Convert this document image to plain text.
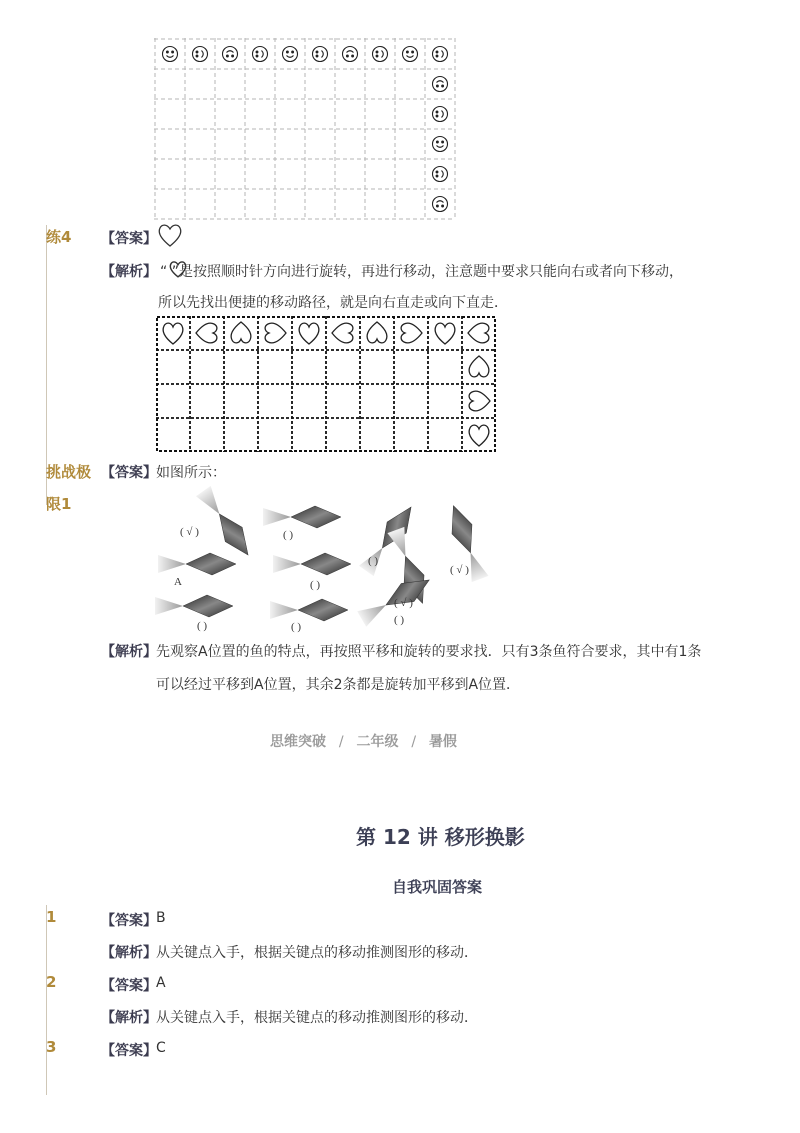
练4 【答案】
【解析】 “ ”是按照顺时针方向进行旋转，再进行移动，注意题中要求只能向右或者向下移动，
所以先找出便捷的移动路径，就是向右直走或向下直走．
挑战极
限1
【答案】 如图所示：
( √ )	( )
( )
( √ )
A	( )
( √ )
( )	( )
( )
【解析】 先观察A位置的鱼的特点，再按照平移和旋转的要求找．只有3条鱼符合要求，其中有1条
可以经过平移到A位置，其余2条都是旋转加平移到A位置．
思维突破 / 二年级 / 暑假
第 12 讲 移形换影
自我巩固答案
1	【答案】 B
【解析】 从关键点入手，根据关键点的移动推测图形的移动．
2	【答案】 A
【解析】 从关键点入手，根据关键点的移动推测图形的移动．
3	【答案】 C
